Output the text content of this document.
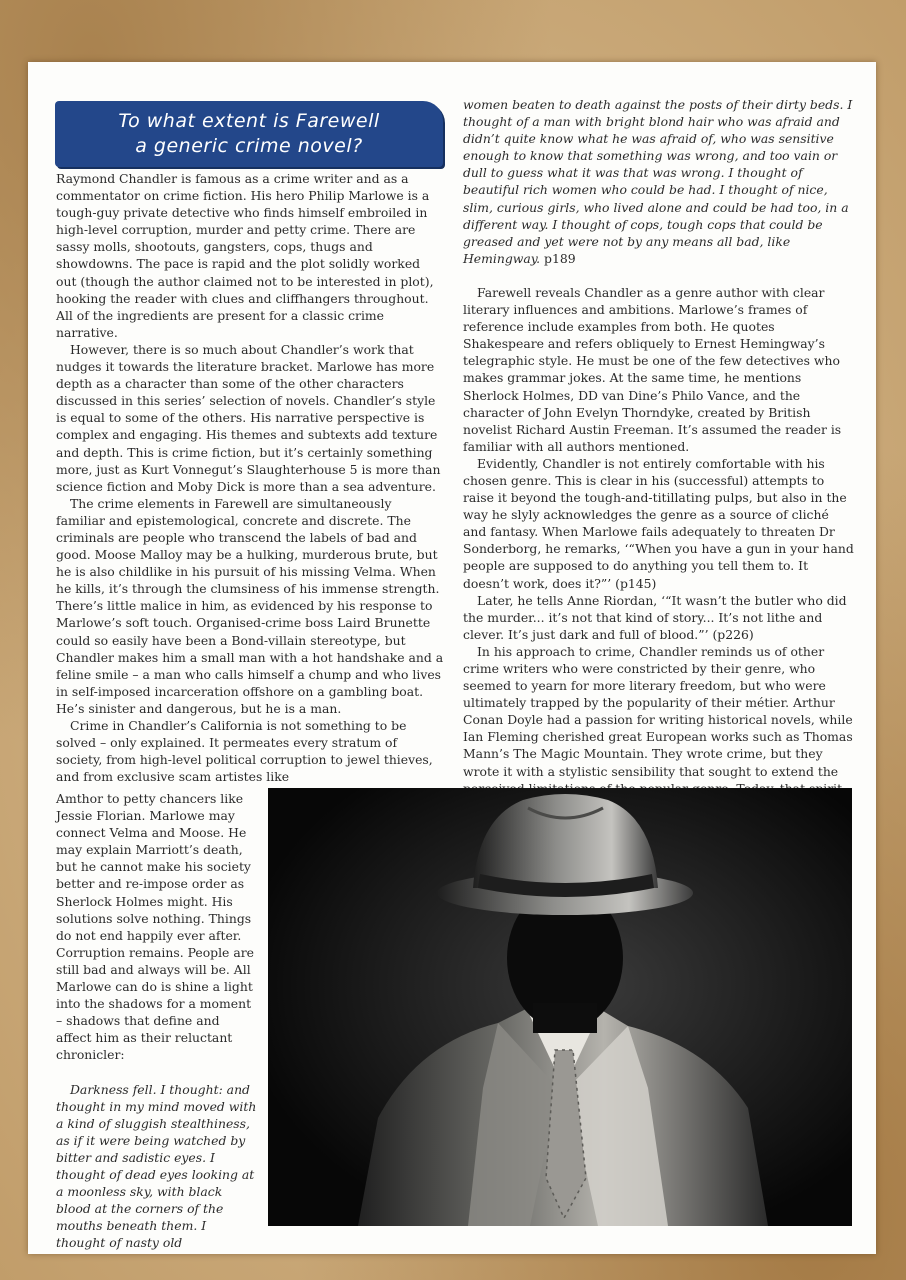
To what extent is Farewell
a generic crime novel?

Raymond Chandler is famous as a crime writer and as a commentator on crime fiction. His hero Philip Marlowe is a tough-guy private detective who finds himself embroiled in high-level corruption, murder and petty crime. There are sassy molls, shootouts, gangsters, cops, thugs and showdowns. The pace is rapid and the plot solidly worked out (though the author claimed not to be interested in plot), hooking the reader with clues and cliffhangers throughout. All of the ingredients are present for a classic crime narrative.

However, there is so much about Chandler’s work that nudges it towards the literature bracket. Marlowe has more depth as a character than some of the other characters discussed in this series’ selection of novels. Chandler’s style is equal to some of the others. His narrative perspective is complex and engaging. His themes and subtexts add texture and depth. This is crime fiction, but it’s certainly something more, just as Kurt Vonnegut’s Slaughterhouse 5 is more than science fiction and Moby Dick is more than a sea adventure.

The crime elements in Farewell are simultaneously familiar and epistemological, concrete and discrete. The criminals are people who transcend the labels of bad and good. Moose Malloy may be a hulking, murderous brute, but he is also childlike in his pursuit of his missing Velma. When he kills, it’s through the clumsiness of his immense strength. There’s little malice in him, as evidenced by his response to Marlowe’s soft touch. Organised-crime boss Laird Brunette could so easily have been a Bond-villain stereotype, but Chandler makes him a small man with a hot handshake and a feline smile – a man who calls himself a chump and who lives in self-imposed incarceration offshore on a gambling boat. He’s sinister and dangerous, but he is a man.

Crime in Chandler’s California is not something to be solved – only explained. It permeates every stratum of society, from high-level political corruption to jewel thieves, and from exclusive scam artistes like

Amthor to petty chancers like Jessie Florian. Marlowe may connect Velma and Moose. He may explain Marriott’s death, but he cannot make his society better and re-impose order as Sherlock Holmes might. His solutions solve nothing. Things do not end happily ever after. Corruption remains. People are still bad and always will be. All Marlowe can do is shine a light into the shadows for a moment – shadows that define and affect him as their reluctant chronicler:

Darkness fell. I thought: and thought in my mind moved with a kind of sluggish stealthiness, as if it were being watched by bitter and sadistic eyes. I thought of dead eyes looking at a moonless sky, with black blood at the corners of the mouths beneath them. I thought of nasty old

women beaten to death against the posts of their dirty beds. I thought of a man with bright blond hair who was afraid and didn’t quite know what he was afraid of, who was sensitive enough to know that something was wrong, and too vain or dull to guess what it was that was wrong. I thought of beautiful rich women who could be had. I thought of nice, slim, curious girls, who lived alone and could be had too, in a different way. I thought of cops, tough cops that could be greased and yet were not by any means all bad, like Hemingway. p189

Farewell reveals Chandler as a genre author with clear literary influences and ambitions. Marlowe’s frames of reference include examples from both. He quotes Shakespeare and refers obliquely to Ernest Hemingway’s telegraphic style. He must be one of the few detectives who makes grammar jokes. At the same time, he mentions Sherlock Holmes, DD van Dine’s Philo Vance, and the character of John Evelyn Thorndyke, created by British novelist Richard Austin Freeman. It’s assumed the reader is familiar with all authors mentioned.

Evidently, Chandler is not entirely comfortable with his chosen genre. This is clear in his (successful) attempts to raise it beyond the tough-and-titillating pulps, but also in the way he slyly acknowledges the genre as a source of cliché and fantasy. When Marlowe fails adequately to threaten Dr Sonderborg, he remarks, ‘“When you have a gun in your hand people are supposed to do anything you tell them to. It doesn’t work, does it?”’ (p145)

Later, he tells Anne Riordan, ‘“It wasn’t the butler who did the murder... it’s not that kind of story... It’s not lithe and clever. It’s just dark and full of blood.”’ (p226)

In his approach to crime, Chandler reminds us of other crime writers who were constricted by their genre, who seemed to yearn for more literary freedom, but who were ultimately trapped by the popularity of their métier. Arthur Conan Doyle had a passion for writing historical novels, while Ian Fleming cherished great European works such as Thomas Mann’s The Magic Mountain. They wrote crime, but they wrote it with a stylistic sensibility that sought to extend the
